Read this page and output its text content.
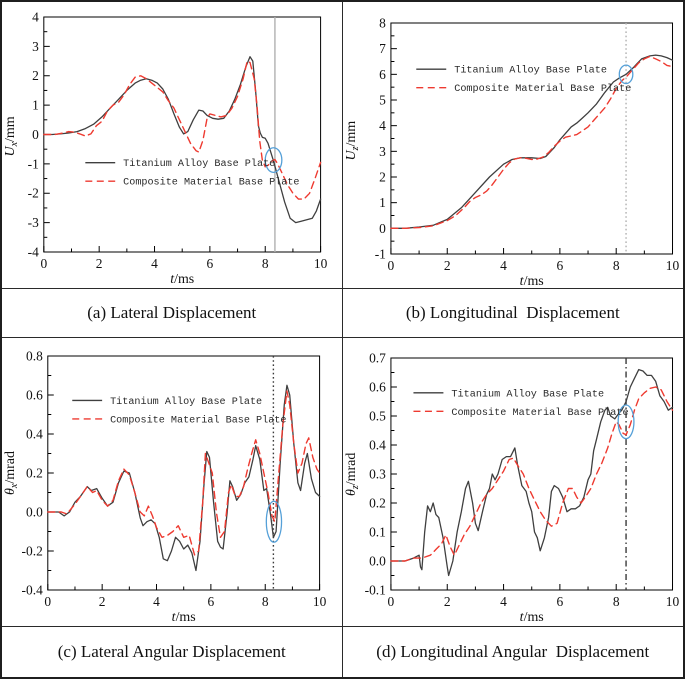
0	2	4	6	8	10
t/ms
-4
-3
-2
-1
0
1
2
3
4
$U_x/mm$
Titanium Alloy Base Plate
Composite Material Base Plate
0	2	4	6	8	10
t/ms
-1
0
1
2
3
4
5
6
7
8
$U_z/mm$
Titanium Alloy Base Plate
Composite Material Base Plate
(a) Lateral Displacement	(b) Longitudinal  Displacement
0	2	4	6	8	10
t/ms
-0.4
-0.2
0.0
0.2
0.4
0.6
0.8
$\theta_x$/mrad
Titanium Alloy Base Plate
Composite Material Base Plate
0	2	4	6	8	10
t/ms
-0.1
0.0
0.1
0.2
0.3
0.4
0.5
0.6
0.7
$\theta_z$/mrad
Titanium Alloy Base Plate
Composite Material Base Plate
(c) Lateral Angular Displacement	(d) Longitudinal Angular  Displacement
